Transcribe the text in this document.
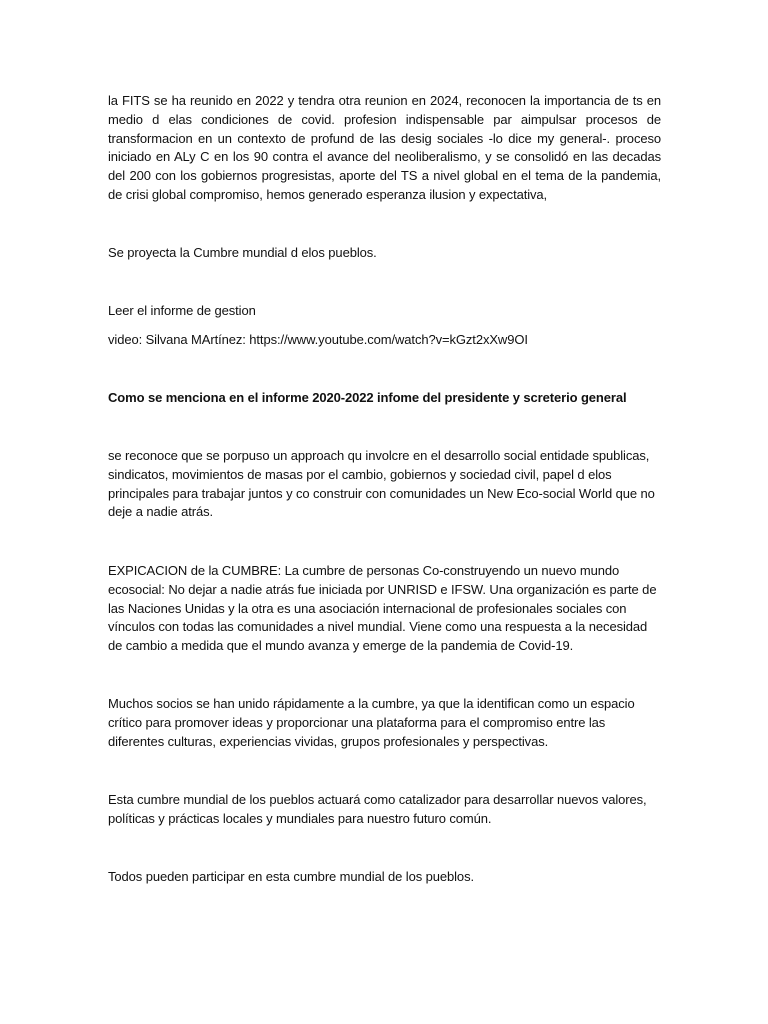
la FITS se ha reunido en 2022 y tendra otra reunion en 2024, reconocen la importancia de ts en medio d elas condiciones de covid. profesion indispensable par aimpulsar procesos de transformacion en un contexto de profund de las desig sociales -lo dice my general-. proceso iniciado en ALy C en los 90 contra el avance del neoliberalismo, y se consolidó en las decadas del 200 con los gobiernos progresistas, aporte del TS a nivel global en el tema de la pandemia, de crisi global compromiso, hemos generado esperanza ilusion y expectativa,

Se proyecta la Cumbre mundial d elos pueblos.

Leer el informe de gestion

video: Silvana MArtínez: https://www.youtube.com/watch?v=kGzt2xXw9OI

Como se menciona en el informe 2020-2022 infome del presidente y screterio general

se reconoce que se porpuso un approach qu involcre en el desarrollo social entidade spublicas, sindicatos, movimientos de masas por el cambio, gobiernos y sociedad civil, papel d elos principales para trabajar juntos y co construir con comunidades un New Eco-social World que no deje a nadie atrás.

EXPICACION de la CUMBRE: La cumbre de personas Co-construyendo un nuevo mundo ecosocial: No dejar a nadie atrás fue iniciada por UNRISD e IFSW. Una organización es parte de las Naciones Unidas y la otra es una asociación internacional de profesionales sociales con vínculos con todas las comunidades a nivel mundial. Viene como una respuesta a la necesidad de cambio a medida que el mundo avanza y emerge de la pandemia de Covid-19.

Muchos socios se han unido rápidamente a la cumbre, ya que la identifican como un espacio crítico para promover ideas y proporcionar una plataforma para el compromiso entre las diferentes culturas, experiencias vividas, grupos profesionales y perspectivas.

Esta cumbre mundial de los pueblos actuará como catalizador para desarrollar nuevos valores, políticas y prácticas locales y mundiales para nuestro futuro común.

Todos pueden participar en esta cumbre mundial de los pueblos.
